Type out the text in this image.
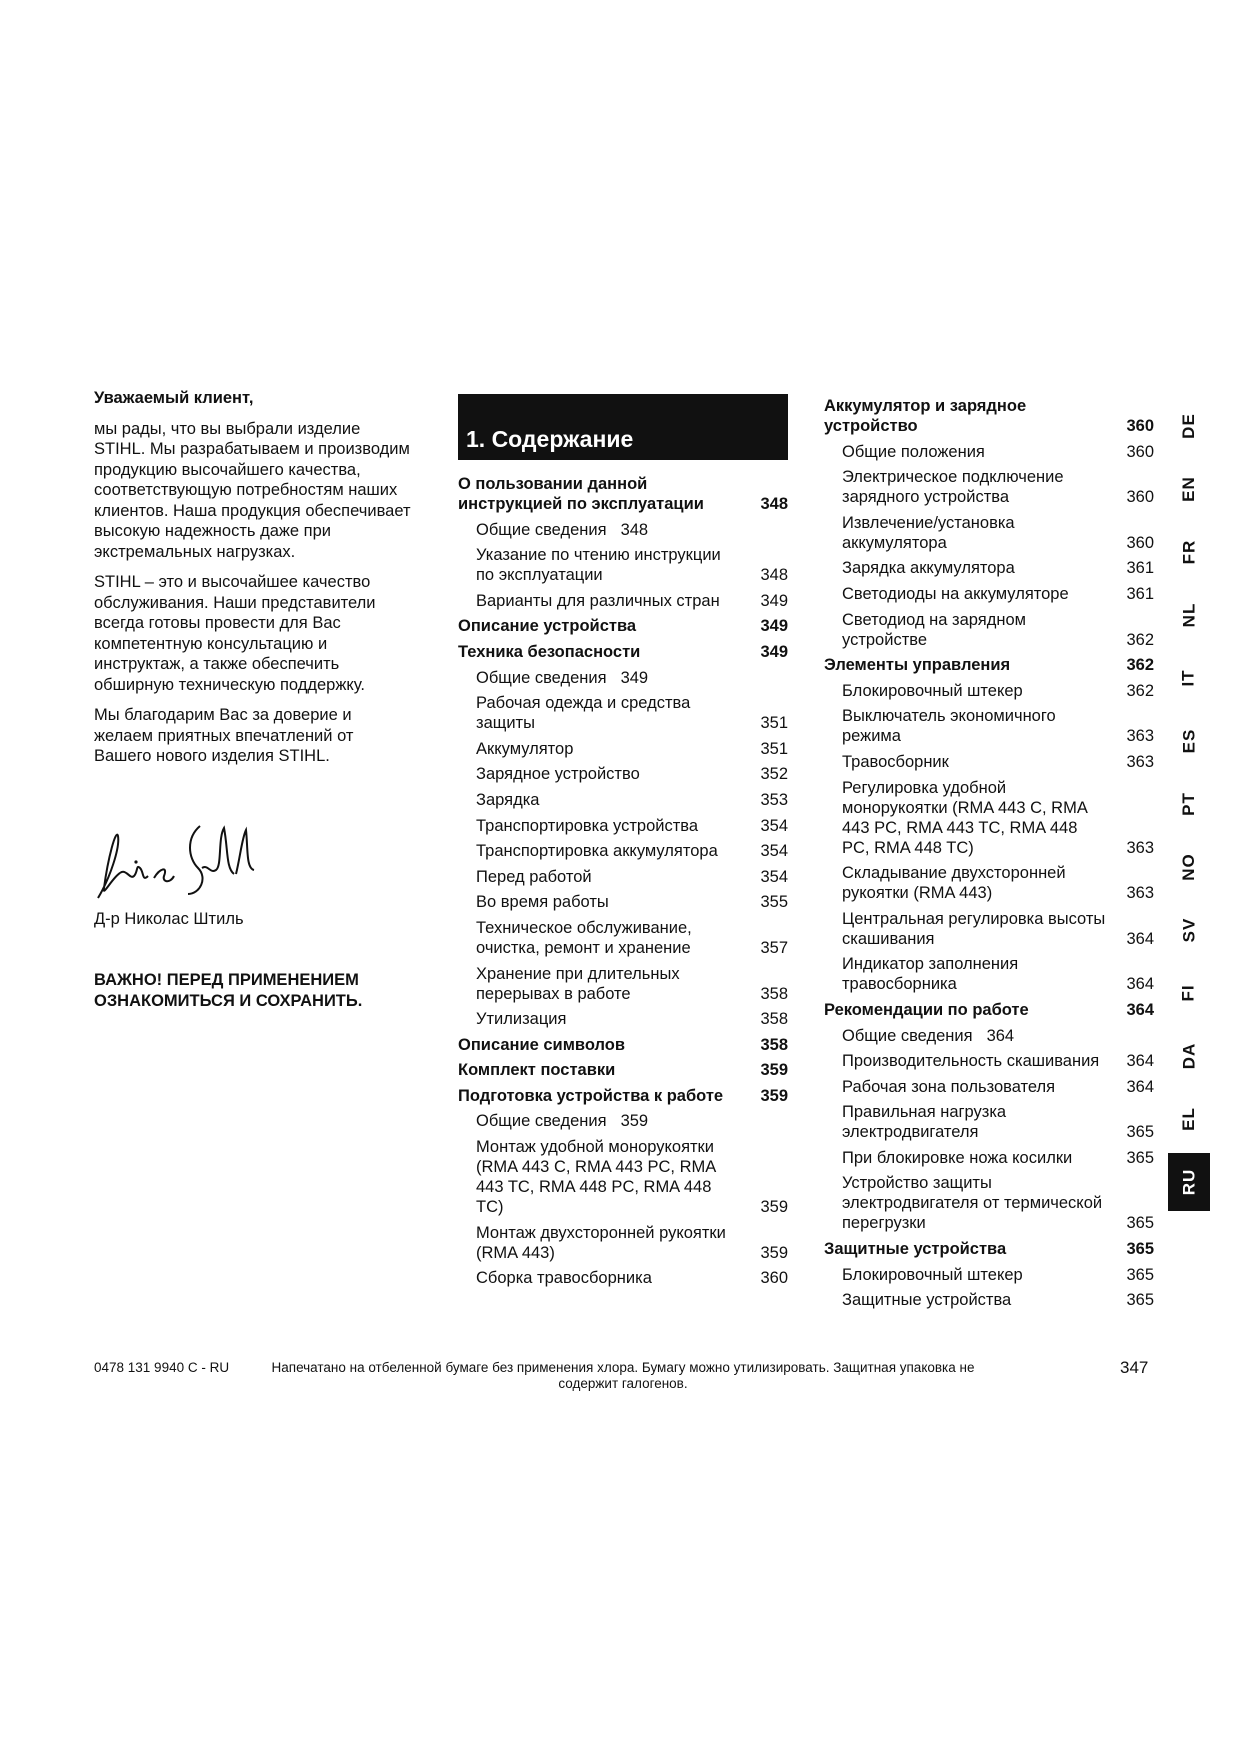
Уважаемый клиент,

мы рады, что вы выбрали изделие STIHL. Мы разрабатываем и производим продукцию высочайшего качества, соответствующую потребностям наших клиентов. Наша продукция обеспечивает высокую надежность даже при экстремальных нагрузках.

STIHL – это и высочайшее качество обслуживания. Наши представители всегда готовы провести для Вас компетентную консультацию и инструктаж, а также обеспечить обширную техническую поддержку.

Мы благодарим Вас за доверие и желаем приятных впечатлений от Вашего нового изделия STIHL.

Д-р Николас Штиль
ВАЖНО! ПЕРЕД ПРИМЕНЕНИЕМ
ОЗНАКОМИТЬСЯ И СОХРАНИТЬ.
1. Содержание
О пользовании данной инструкцией по эксплуатации	348
Общие сведения 348
Указание по чтению инструкции по эксплуатации	348
Варианты для различных стран	349
Описание устройства	349
Техника безопасности	349
Общие сведения 349
Рабочая одежда и средства защиты	351
Аккумулятор	351
Зарядное устройство	352
Зарядка	353
Транспортировка устройства	354
Транспортировка аккумулятора	354
Перед работой	354
Во время работы	355
Техническое обслуживание, очистка, ремонт и хранение	357
Хранение при длительных перерывах в работе	358
Утилизация	358
Описание символов	358
Комплект поставки	359
Подготовка устройства к работе	359
Общие сведения 359
Монтаж удобной монорукоятки (RMA 443 C, RMA 443 PC, RMA 443 TC, RMA 448 PC, RMA 448 TC)	359
Монтаж двухсторонней рукоятки (RMA 443)	359
Сборка травосборника	360
Аккумулятор и зарядное устройство	360
Общие положения	360
Электрическое подключение зарядного устройства	360
Извлечение/установка аккумулятора	360
Зарядка аккумулятора	361
Светодиоды на аккумуляторе	361
Светодиод на зарядном устройстве	362
Элементы управления	362
Блокировочный штекер	362
Выключатель экономичного режима	363
Травосборник	363
Регулировка удобной монорукоятки (RMA 443 C, RMA 443 PC, RMA 443 TC, RMA 448 PC, RMA 448 TC)	363
Складывание двухсторонней рукоятки (RMA 443)	363
Центральная регулировка высоты скашивания	364
Индикатор заполнения травосборника	364
Рекомендации по работе	364
Общие сведения 364
Производительность скашивания	364
Рабочая зона пользователя	364
Правильная нагрузка электродвигателя	365
При блокировке ножа косилки	365
Устройство защиты электродвигателя от термической перегрузки	365
Защитные устройства	365
Блокировочный штекер	365
Защитные устройства	365
DE
EN
FR
NL
IT
ES
PT
NO
SV
FI
DA
EL
RU
0478 131 9940 C - RU	Напечатано на отбеленной бумаге без применения хлора. Бумагу можно утилизировать. Защитная упаковка не содержит галогенов.
347
